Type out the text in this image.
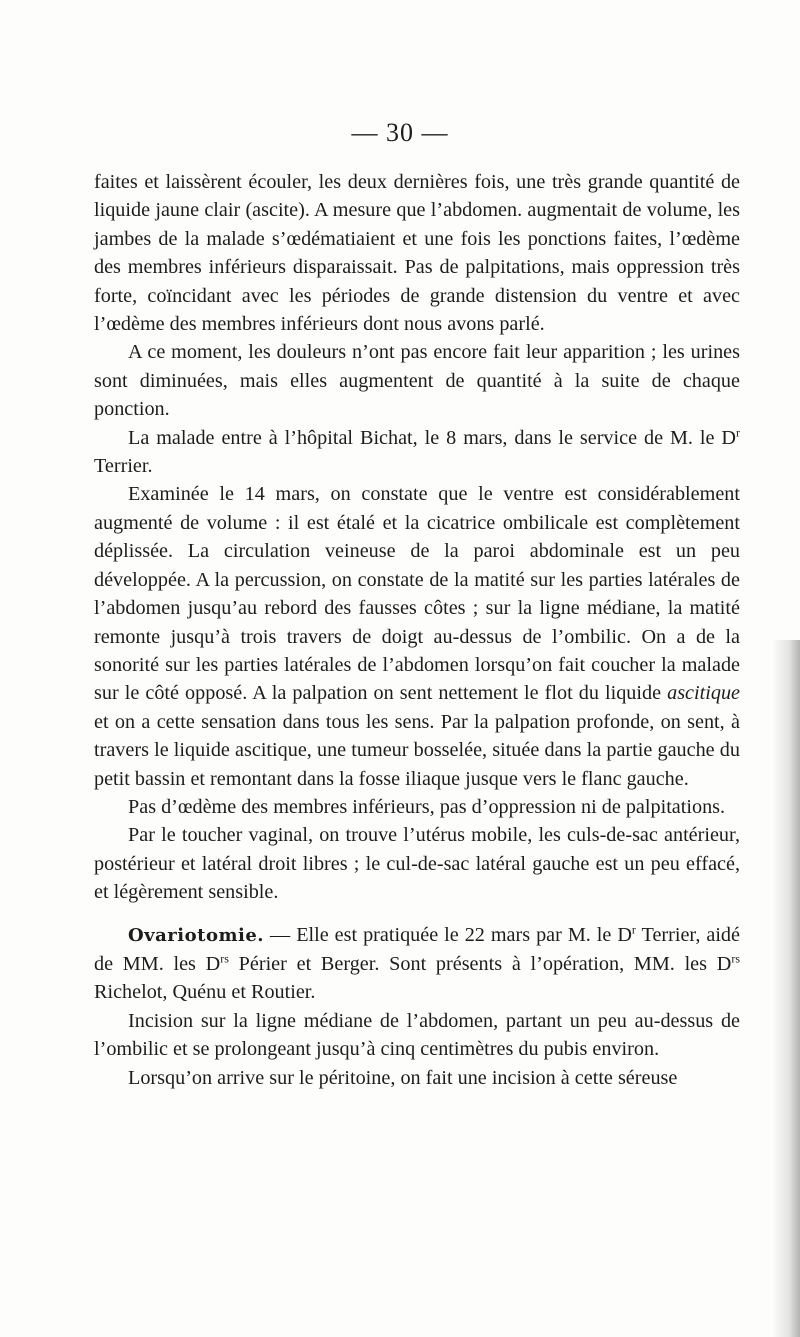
— 30 —

faites et laissèrent écouler, les deux dernières fois, une très grande quantité de liquide jaune clair (ascite). A mesure que l’abdomen. augmentait de volume, les jambes de la malade s’œdématiaient et une fois les ponctions faites, l’œdème des membres inférieurs disparaissait. Pas de palpitations, mais oppression très forte, coïncidant avec les périodes de grande distension du ventre et avec l’œdème des membres inférieurs dont nous avons parlé.

A ce moment, les douleurs n’ont pas encore fait leur apparition ; les urines sont diminuées, mais elles augmentent de quantité à la suite de chaque ponction.

La malade entre à l’hôpital Bichat, le 8 mars, dans le service de M. le $D^r$ Terrier.

Examinée le 14 mars, on constate que le ventre est considérablement augmenté de volume : il est étalé et la cicatrice ombilicale est complètement déplissée. La circulation veineuse de la paroi abdominale est un peu développée. A la percussion, on constate de la matité sur les parties latérales de l’abdomen jusqu’au rebord des fausses côtes ; sur la ligne médiane, la matité remonte jusqu’à trois travers de doigt au-dessus de l’ombilic. On a de la sonorité sur les parties latérales de l’abdomen lorsqu’on fait coucher la malade sur le côté opposé. A la palpation on sent nettement le flot du liquide ascitique et on a cette sensation dans tous les sens. Par la palpation profonde, on sent, à travers le liquide ascitique, une tumeur bosselée, située dans la partie gauche du petit bassin et remontant dans la fosse iliaque jusque vers le flanc gauche.

Pas d’œdème des membres inférieurs, pas d’oppression ni de palpitations.

Par le toucher vaginal, on trouve l’utérus mobile, les culs-de-sac antérieur, postérieur et latéral droit libres ; le cul-de-sac latéral gauche est un peu effacé, et légèrement sensible.

Ovariotomie. — Elle est pratiquée le 22 mars par M. le $D^r$ Terrier, aidé de MM. les $D^{rs}$ Périer et Berger. Sont présents à l’opération, MM. les $D^{rs}$ Richelot, Quénu et Routier.

Incision sur la ligne médiane de l’abdomen, partant un peu au-dessus de l’ombilic et se prolongeant jusqu’à cinq centimètres du pubis environ.

Lorsqu’on arrive sur le péritoine, on fait une incision à cette séreuse
